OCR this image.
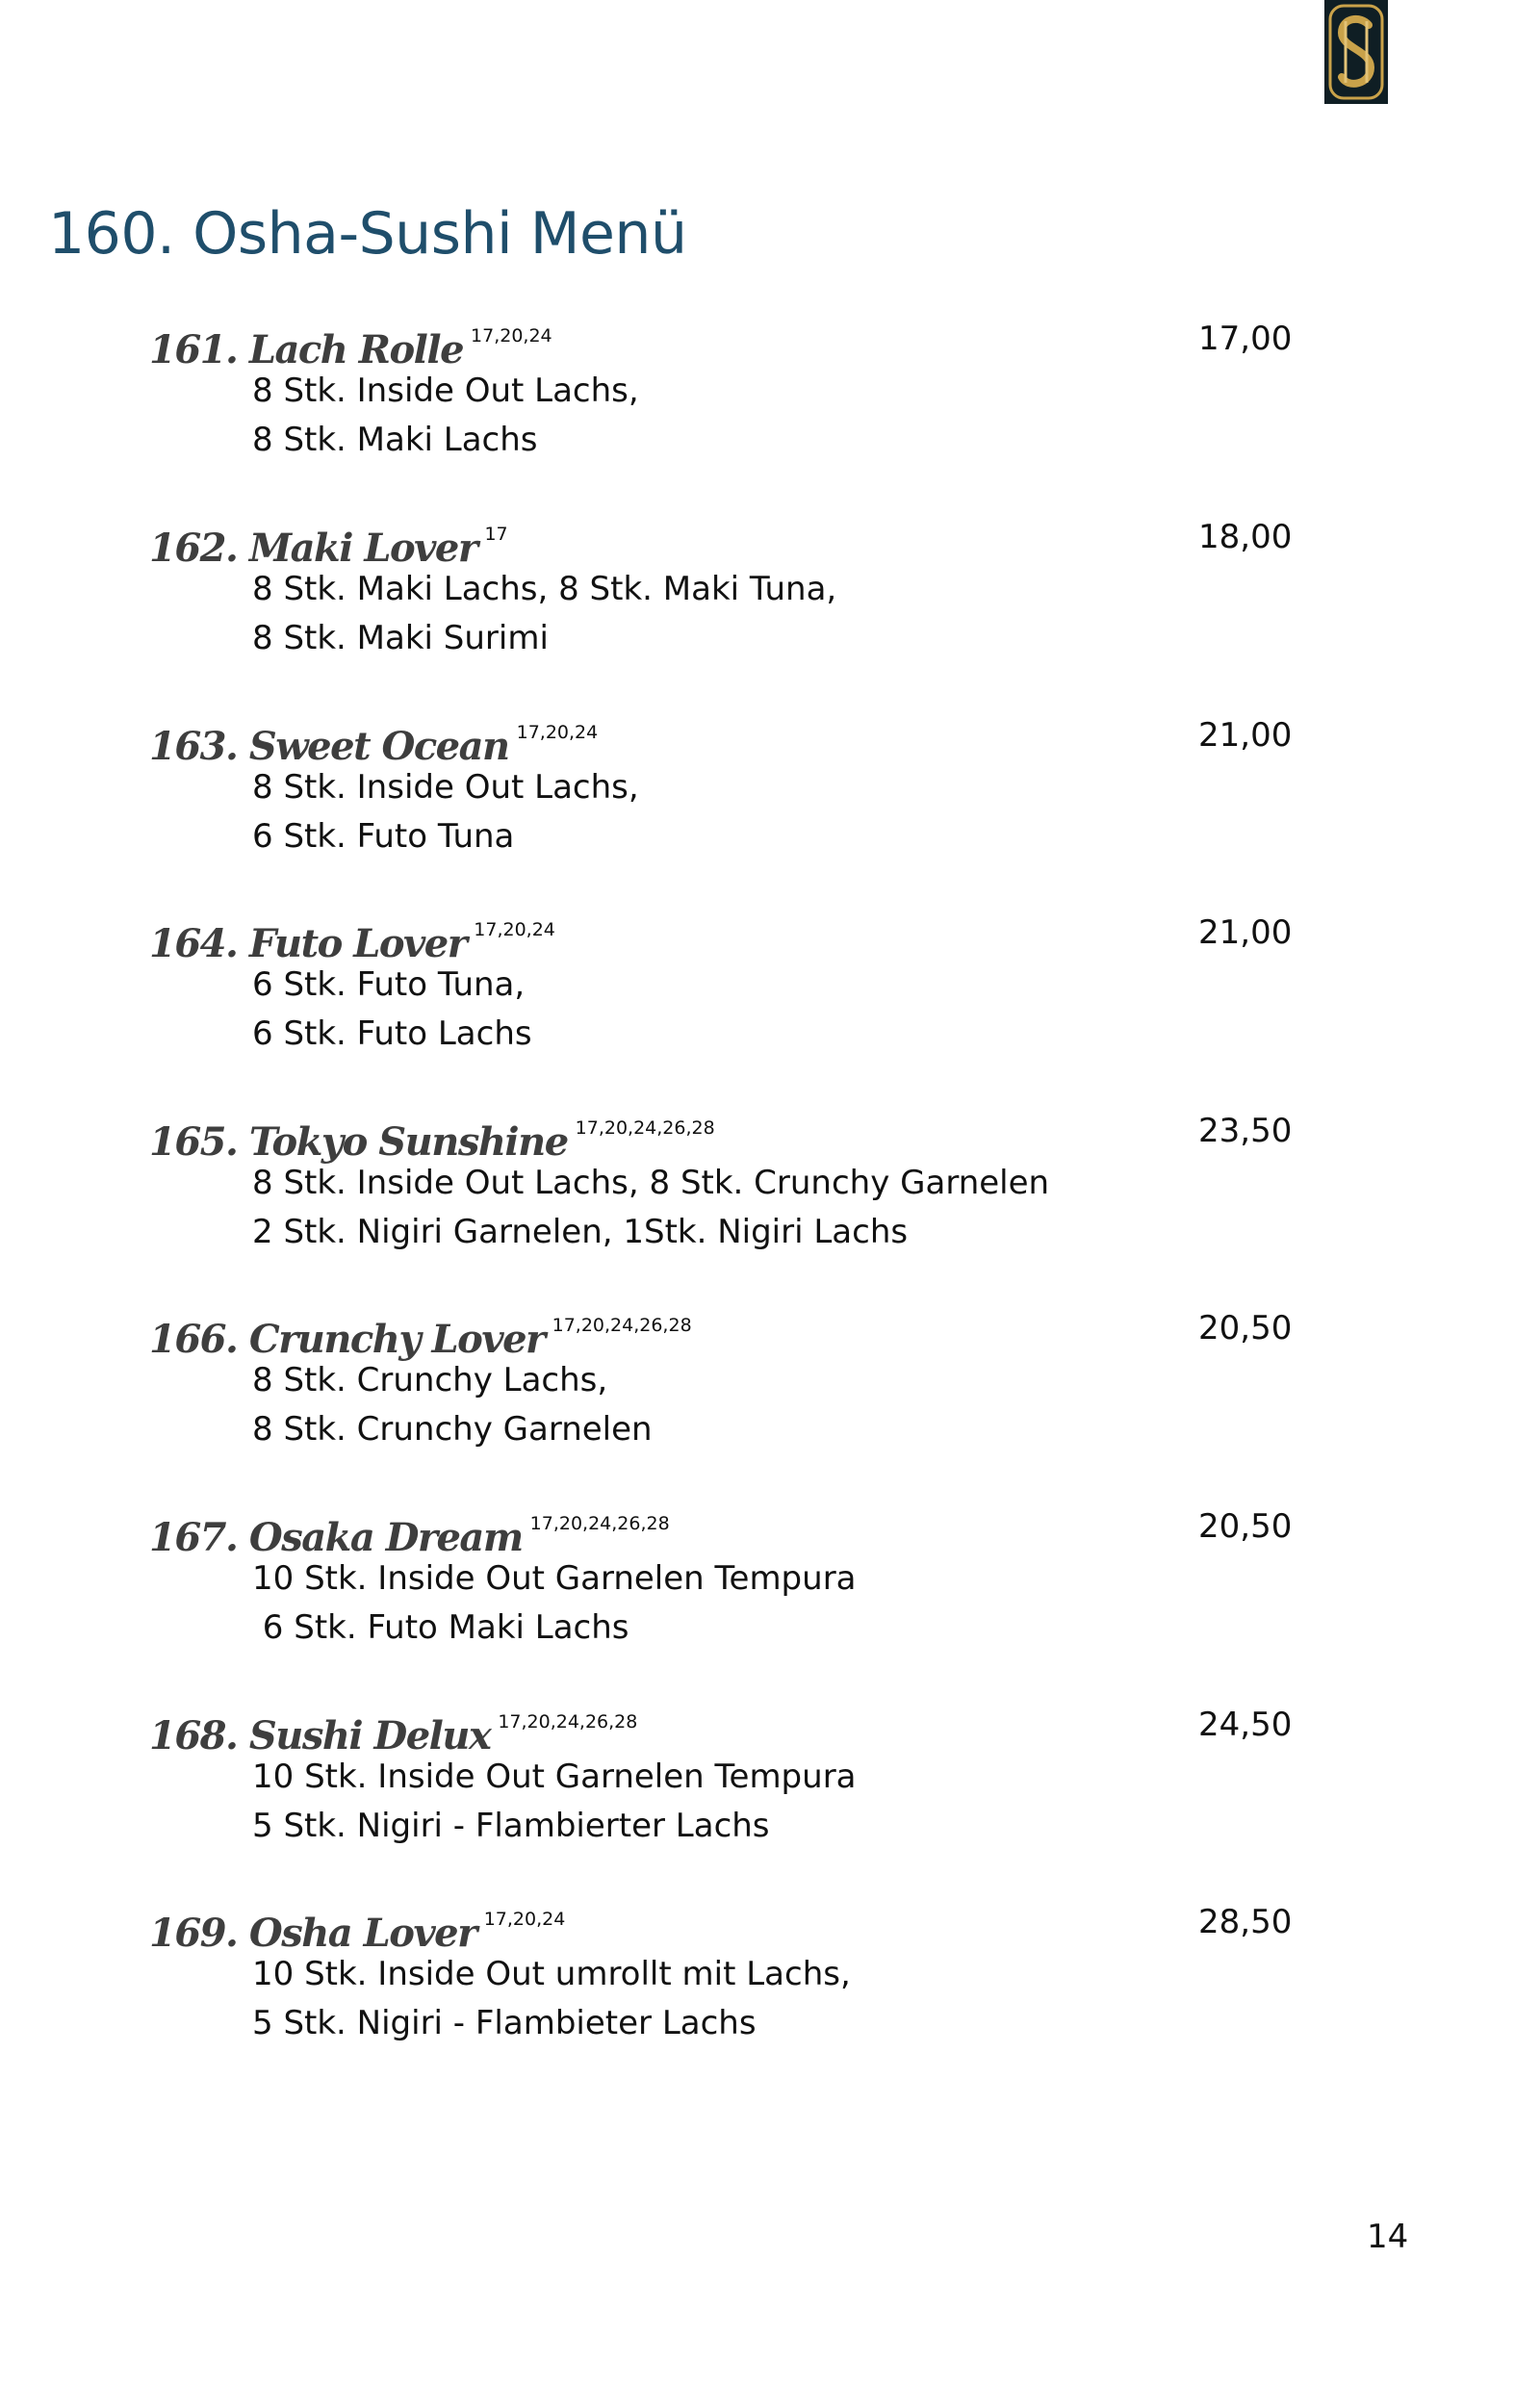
160. Osha-Sushi Menü
161. Lach Rolle $^{17,20,24}$	17,00
8 Stk. Inside Out Lachs,
8 Stk. Maki Lachs
162. Maki Lover $^{17}$	18,00
8 Stk. Maki Lachs, 8 Stk. Maki Tuna,
8 Stk. Maki Surimi
163. Sweet Ocean $^{17,20,24}$	21,00
8 Stk. Inside Out Lachs,
6 Stk. Futo Tuna
164. Futo Lover $^{17,20,24}$	21,00
6 Stk. Futo Tuna,
6 Stk. Futo Lachs
165. Tokyo Sunshine $^{17,20,24,26,28}$	23,50
8 Stk. Inside Out Lachs, 8 Stk. Crunchy Garnelen
2 Stk. Nigiri Garnelen, 1Stk. Nigiri Lachs
166. Crunchy Lover $^{17,20,24,26,28}$	20,50
8 Stk. Crunchy Lachs,
8 Stk. Crunchy Garnelen
167. Osaka Dream $^{17,20,24,26,28}$	20,50
10 Stk. Inside Out Garnelen Tempura
6 Stk. Futo Maki Lachs
168. Sushi Delux $^{17,20,24,26,28}$	24,50
10 Stk. Inside Out Garnelen Tempura
5 Stk. Nigiri - Flambierter Lachs
169. Osha Lover $^{17,20,24}$	28,50
10 Stk. Inside Out umrollt mit Lachs,
5 Stk. Nigiri - Flambieter Lachs
14
